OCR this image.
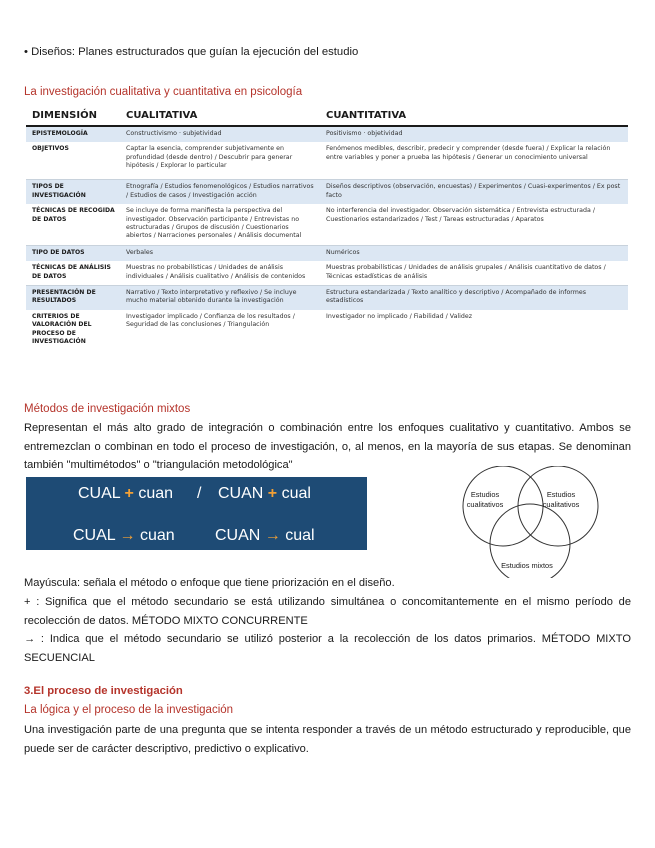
• Diseños: Planes estructurados que guían la ejecución del estudio
La investigación cualitativa y cuantitativa en psicología
DIMENSIÓN	CUALITATIVA	CUANTITATIVA
EPISTEMOLOGÍA	Constructivismo · subjetividad	Positivismo · objetividad
OBJETIVOS	Captar la esencia, comprender subjetivamente en profundidad (desde dentro) / Descubrir para generar hipótesis / Explorar lo particular	Fenómenos medibles, describir, predecir y comprender (desde fuera) / Explicar la relación entre variables y poner a prueba las hipótesis / Generar un conocimiento universal
TIPOS DE INVESTIGACIÓN	Etnografía / Estudios fenomenológicos / Estudios narrativos / Estudios de casos / Investigación acción	Diseños descriptivos (observación, encuestas) / Experimentos / Cuasi-experimentos / Ex post facto
TÉCNICAS DE RECOGIDA DE DATOS	Se incluye de forma manifiesta la perspectiva del investigador. Observación participante / Entrevistas no estructuradas / Grupos de discusión / Cuestionarios abiertos / Narraciones personales / Análisis documental	No interferencia del investigador. Observación sistemática / Entrevista estructurada / Cuestionarios estandarizados / Test / Tareas estructuradas / Aparatos
TIPO DE DATOS	Verbales	Numéricos
TÉCNICAS DE ANÁLISIS DE DATOS	Muestras no probabilísticas / Unidades de análisis individuales / Análisis cualitativo / Análisis de contenidos	Muestras probabilísticas / Unidades de análisis grupales / Análisis cuantitativo de datos / Técnicas estadísticas de análisis
PRESENTACIÓN DE RESULTADOS	Narrativo / Texto interpretativo y reflexivo / Se incluye mucho material obtenido durante la investigación	Estructura estandarizada / Texto analítico y descriptivo / Acompañado de informes estadísticos
CRITERIOS DE VALORACIÓN DEL PROCESO DE INVESTIGACIÓN	Investigador implicado / Confianza de los resultados / Seguridad de las conclusiones / Triangulación	Investigador no implicado / Fiabilidad / Validez
Métodos de investigación mixtos
Representan el más alto grado de integración o combinación entre los enfoques cualitativo y cuantitativo. Ambos se entremezclan o combinan en todo el proceso de investigación, o, al menos, en la mayoría de sus etapas. Se denominan también "multimétodos" o "triangulación metodológica"
CUAL + cuan / CUAN + cual
CUAL → cuan	CUAN → cual
Estudios cualitativos
Estudios cualitativos
Estudios mixtos
Mayúscula: señala el método o enfoque que tiene priorización en el diseño.
+ : Significa que el método secundario se está utilizando simultánea o concomitantemente en el mismo período de recolección de datos. MÉTODO MIXTO CONCURRENTE
→ : Indica que el método secundario se utilizó posterior a la recolección de los datos primarios. MÉTODO MIXTO SECUENCIAL
3.El proceso de investigación
La lógica y el proceso de la investigación
Una investigación parte de una pregunta que se intenta responder a través de un método estructurado y reproducible, que puede ser de carácter descriptivo, predictivo o explicativo.
